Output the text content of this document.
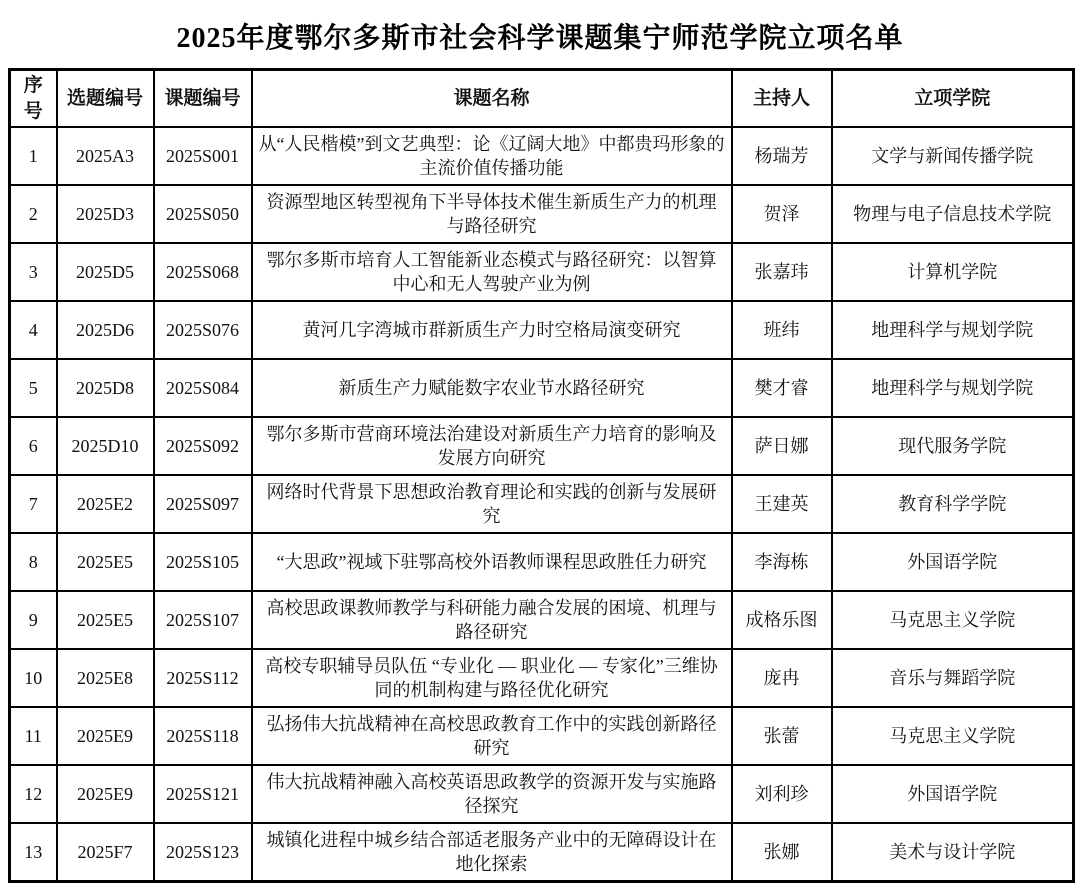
2025年度鄂尔多斯市社会科学课题集宁师范学院立项名单
序号	选题编号	课题编号	课题名称	主持人	立项学院
1	2025A3	2025S001	从“人民楷模”到文艺典型：论《辽阔大地》中都贵玛形象的主流价值传播功能	杨瑞芳	文学与新闻传播学院
2	2025D3	2025S050	资源型地区转型视角下半导体技术催生新质生产力的机理与路径研究	贺泽	物理与电子信息技术学院
3	2025D5	2025S068	鄂尔多斯市培育人工智能新业态模式与路径研究：以智算中心和无人驾驶产业为例	张嘉玮	计算机学院
4	2025D6	2025S076	黄河几字湾城市群新质生产力时空格局演变研究	班纬	地理科学与规划学院
5	2025D8	2025S084	新质生产力赋能数字农业节水路径研究	樊才睿	地理科学与规划学院
6	2025D10	2025S092	鄂尔多斯市营商环境法治建设对新质生产力培育的影响及发展方向研究	萨日娜	现代服务学院
7	2025E2	2025S097	网络时代背景下思想政治教育理论和实践的创新与发展研究	王建英	教育科学学院
8	2025E5	2025S105	“大思政”视域下驻鄂高校外语教师课程思政胜任力研究	李海栋	外国语学院
9	2025E5	2025S107	高校思政课教师教学与科研能力融合发展的困境、机理与路径研究	成格乐图	马克思主义学院
10	2025E8	2025S112	高校专职辅导员队伍 “专业化 — 职业化 — 专家化”三维协同的机制构建与路径优化研究	庞冉	音乐与舞蹈学院
11	2025E9	2025S118	弘扬伟大抗战精神在高校思政教育工作中的实践创新路径研究	张蕾	马克思主义学院
12	2025E9	2025S121	伟大抗战精神融入高校英语思政教学的资源开发与实施路径探究	刘利珍	外国语学院
13	2025F7	2025S123	城镇化进程中城乡结合部适老服务产业中的无障碍设计在地化探索	张娜	美术与设计学院
